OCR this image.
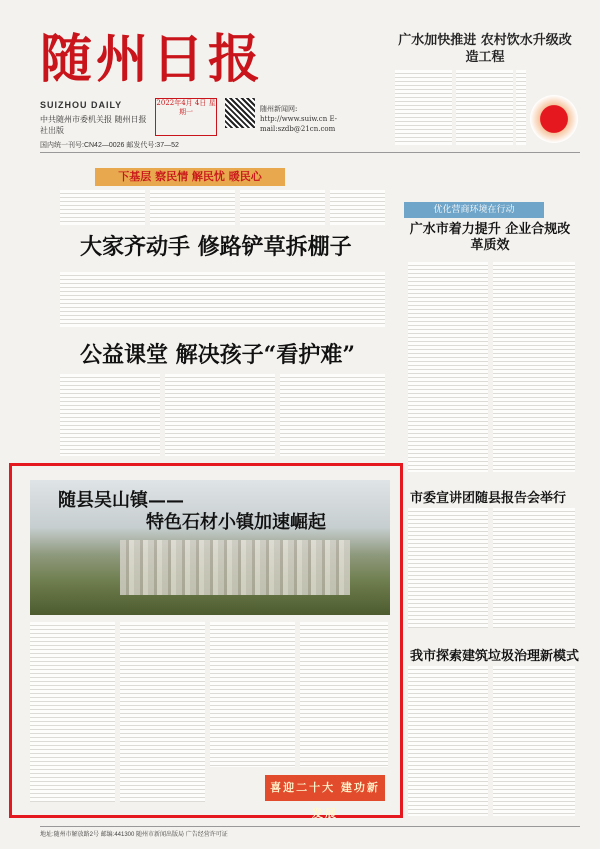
随州日报
SUIZHOU DAILY
中共随州市委机关报 随州日报社出版
2022年4月 4日 星期一	随州新闻网: http://www.suiw.cn E-mail:szdb@21cn.com
国内统一刊号:CN42—0026 邮发代号:37—52
广水加快推进 农村饮水升级改造工程
下基层 察民情 解民忧 暖民心
大家齐动手 修路铲草拆棚子
公益课堂 解决孩子“看护难”
优化营商环境在行动
广水市着力提升 企业合规改革质效
随县吴山镇——
特色石材小镇加速崛起
喜迎二十大 建功新发展
市委宣讲团随县报告会举行
我市探索建筑垃圾治理新模式
地址:随州市解放路2号 邮编:441300 随州市新闻出版局 广告经营许可证
